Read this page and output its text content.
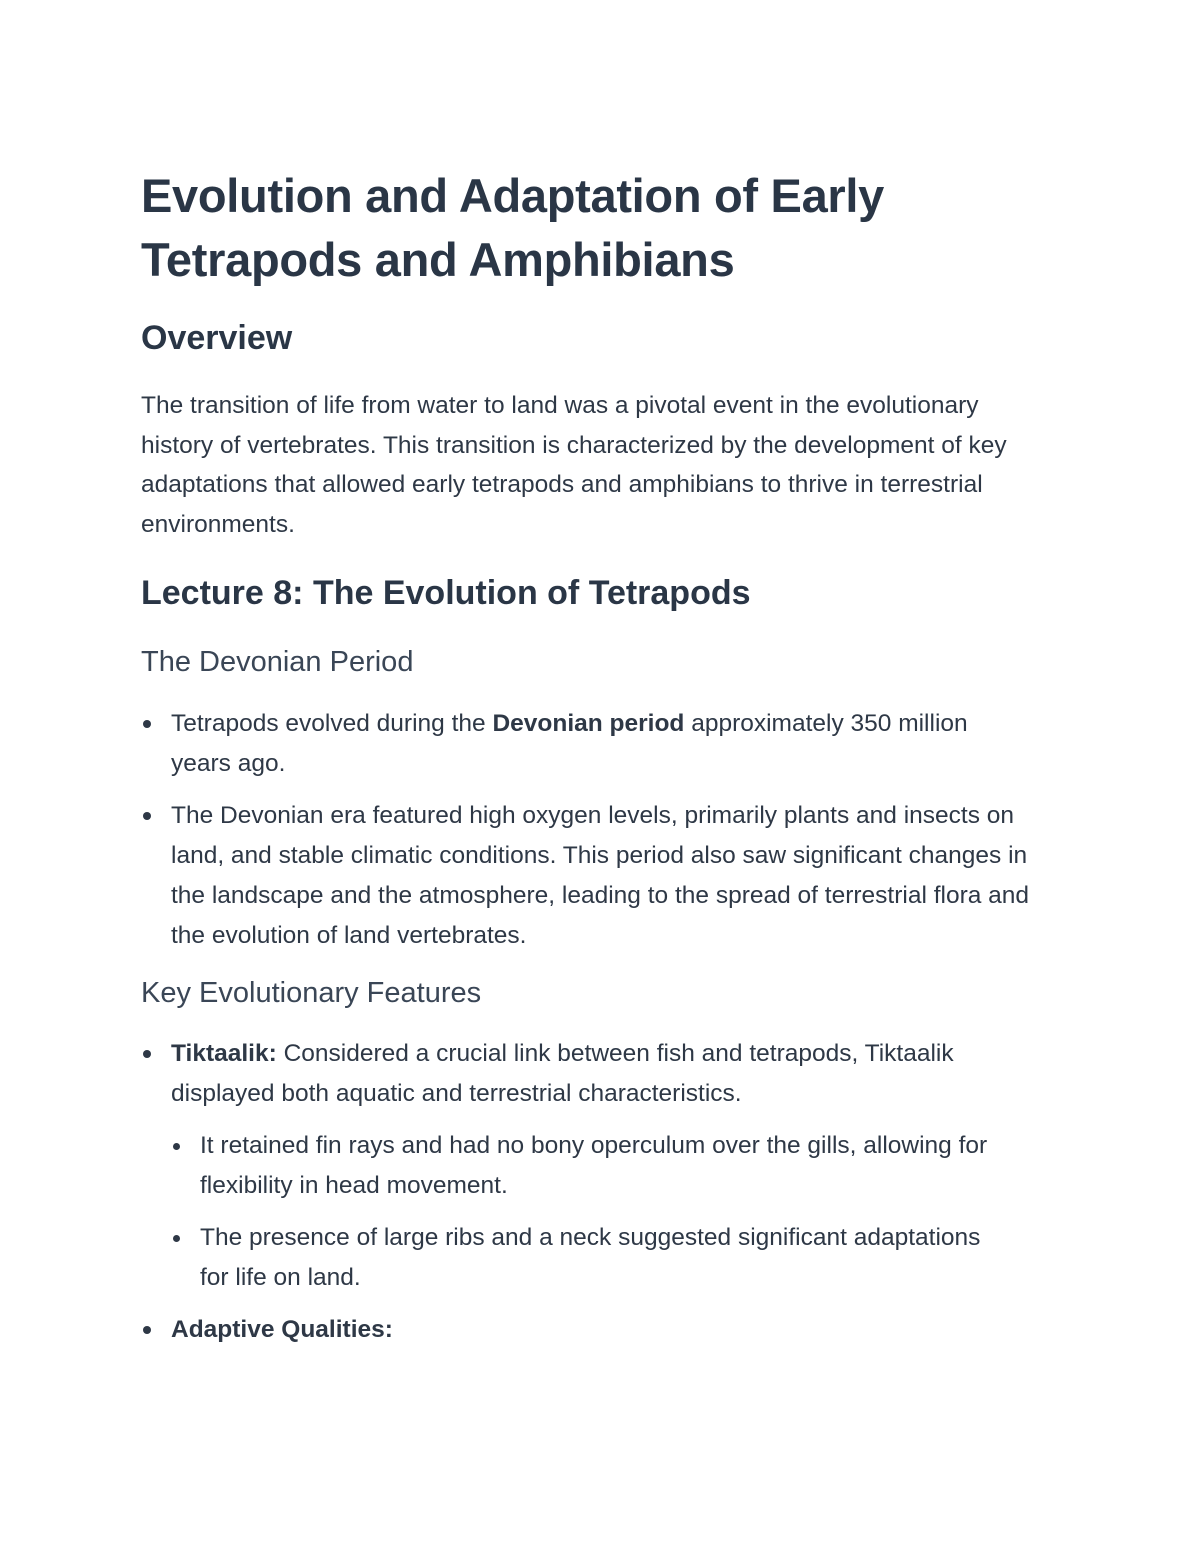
Evolution and Adaptation of Early Tetrapods and Amphibians
Overview

The transition of life from water to land was a pivotal event in the evolutionary history of vertebrates. This transition is characterized by the development of key adaptations that allowed early tetrapods and amphibians to thrive in terrestrial environments.

Lecture 8: The Evolution of Tetrapods
The Devonian Period
Tetrapods evolved during the Devonian period approximately 350 million years ago.
The Devonian era featured high oxygen levels, primarily plants and insects on land, and stable climatic conditions. This period also saw significant changes in the landscape and the atmosphere, leading to the spread of terrestrial flora and the evolution of land vertebrates.
Key Evolutionary Features
Tiktaalik: Considered a crucial link between fish and tetrapods, Tiktaalik displayed both aquatic and terrestrial characteristics.
It retained fin rays and had no bony operculum over the gills, allowing for flexibility in head movement.
The presence of large ribs and a neck suggested significant adaptations for life on land.
Adaptive Qualities:
